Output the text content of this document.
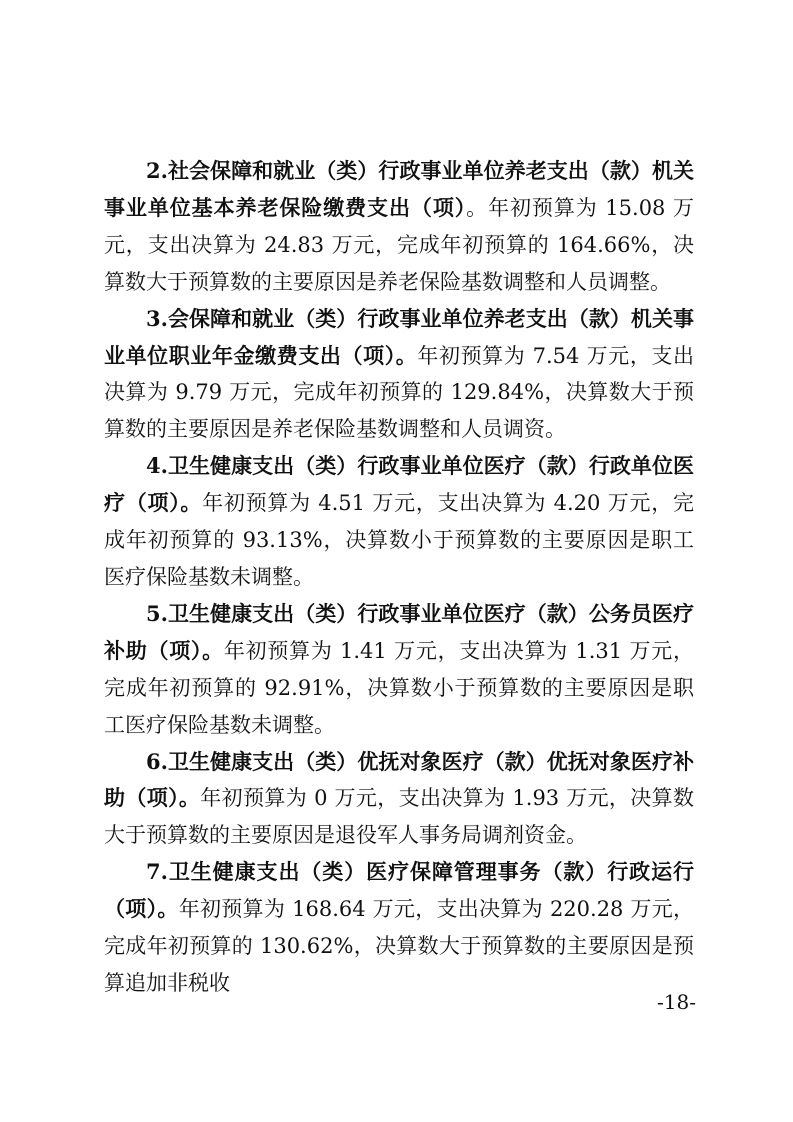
2.社会保障和就业（类）行政事业单位养老支出（款）机关事业单位基本养老保险缴费支出（项）。年初预算为 15.08 万元，支出决算为 24.83 万元，完成年初预算的 164.66%，决算数大于预算数的主要原因是养老保险基数调整和人员调整。

3.会保障和就业（类）行政事业单位养老支出（款）机关事业单位职业年金缴费支出（项）。年初预算为 7.54 万元，支出决算为 9.79 万元，完成年初预算的 129.84%，决算数大于预算数的主要原因是养老保险基数调整和人员调资。

4.卫生健康支出（类）行政事业单位医疗（款）行政单位医疗（项）。年初预算为 4.51 万元，支出决算为 4.20 万元，完成年初预算的 93.13%，决算数小于预算数的主要原因是职工医疗保险基数未调整。

5.卫生健康支出（类）行政事业单位医疗（款）公务员医疗补助（项）。年初预算为 1.41 万元，支出决算为 1.31 万元，完成年初预算的 92.91%，决算数小于预算数的主要原因是职工医疗保险基数未调整。

6.卫生健康支出（类）优抚对象医疗（款）优抚对象医疗补助（项）。年初预算为 0 万元，支出决算为 1.93 万元，决算数大于预算数的主要原因是退役军人事务局调剂资金。

7.卫生健康支出（类）医疗保障管理事务（款）行政运行（项）。年初预算为 168.64 万元，支出决算为 220.28 万元，完成年初预算的 130.62%，决算数大于预算数的主要原因是预算追加非税收

-18-
